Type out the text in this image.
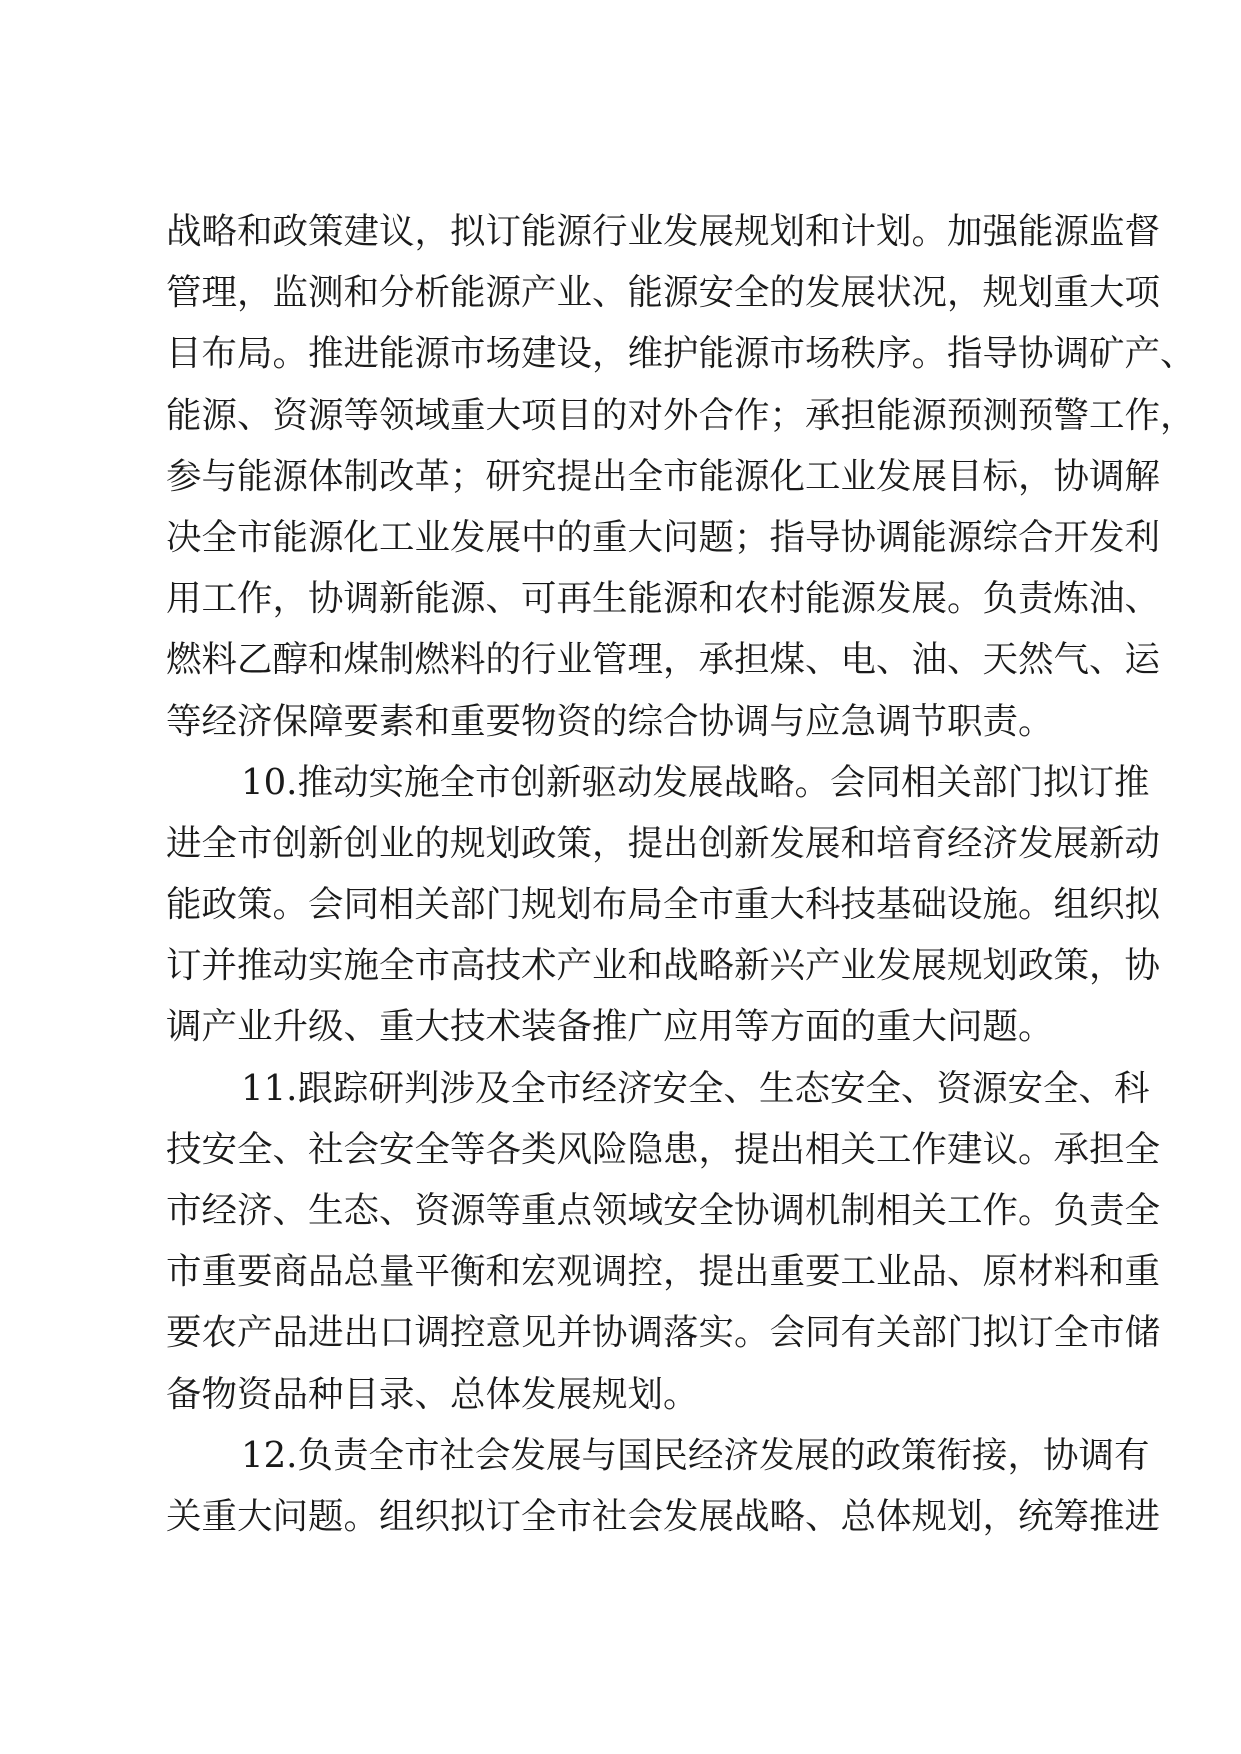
战略和政策建议，拟订能源行业发展规划和计划。加强能源监督
管理，监测和分析能源产业、能源安全的发展状况，规划重大项
目布局。推进能源市场建设，维护能源市场秩序。指导协调矿产、
能源、资源等领域重大项目的对外合作；承担能源预测预警工作，
参与能源体制改革；研究提出全市能源化工业发展目标，协调解
决全市能源化工业发展中的重大问题；指导协调能源综合开发利
用工作，协调新能源、可再生能源和农村能源发展。负责炼油、
燃料乙醇和煤制燃料的行业管理，承担煤、电、油、天然气、运
等经济保障要素和重要物资的综合协调与应急调节职责。
10.推动实施全市创新驱动发展战略。会同相关部门拟订推
进全市创新创业的规划政策，提出创新发展和培育经济发展新动
能政策。会同相关部门规划布局全市重大科技基础设施。组织拟
订并推动实施全市高技术产业和战略新兴产业发展规划政策，协
调产业升级、重大技术装备推广应用等方面的重大问题。
11.跟踪研判涉及全市经济安全、生态安全、资源安全、科
技安全、社会安全等各类风险隐患，提出相关工作建议。承担全
市经济、生态、资源等重点领域安全协调机制相关工作。负责全
市重要商品总量平衡和宏观调控，提出重要工业品、原材料和重
要农产品进出口调控意见并协调落实。会同有关部门拟订全市储
备物资品种目录、总体发展规划。
12.负责全市社会发展与国民经济发展的政策衔接，协调有
关重大问题。组织拟订全市社会发展战略、总体规划，统筹推进
